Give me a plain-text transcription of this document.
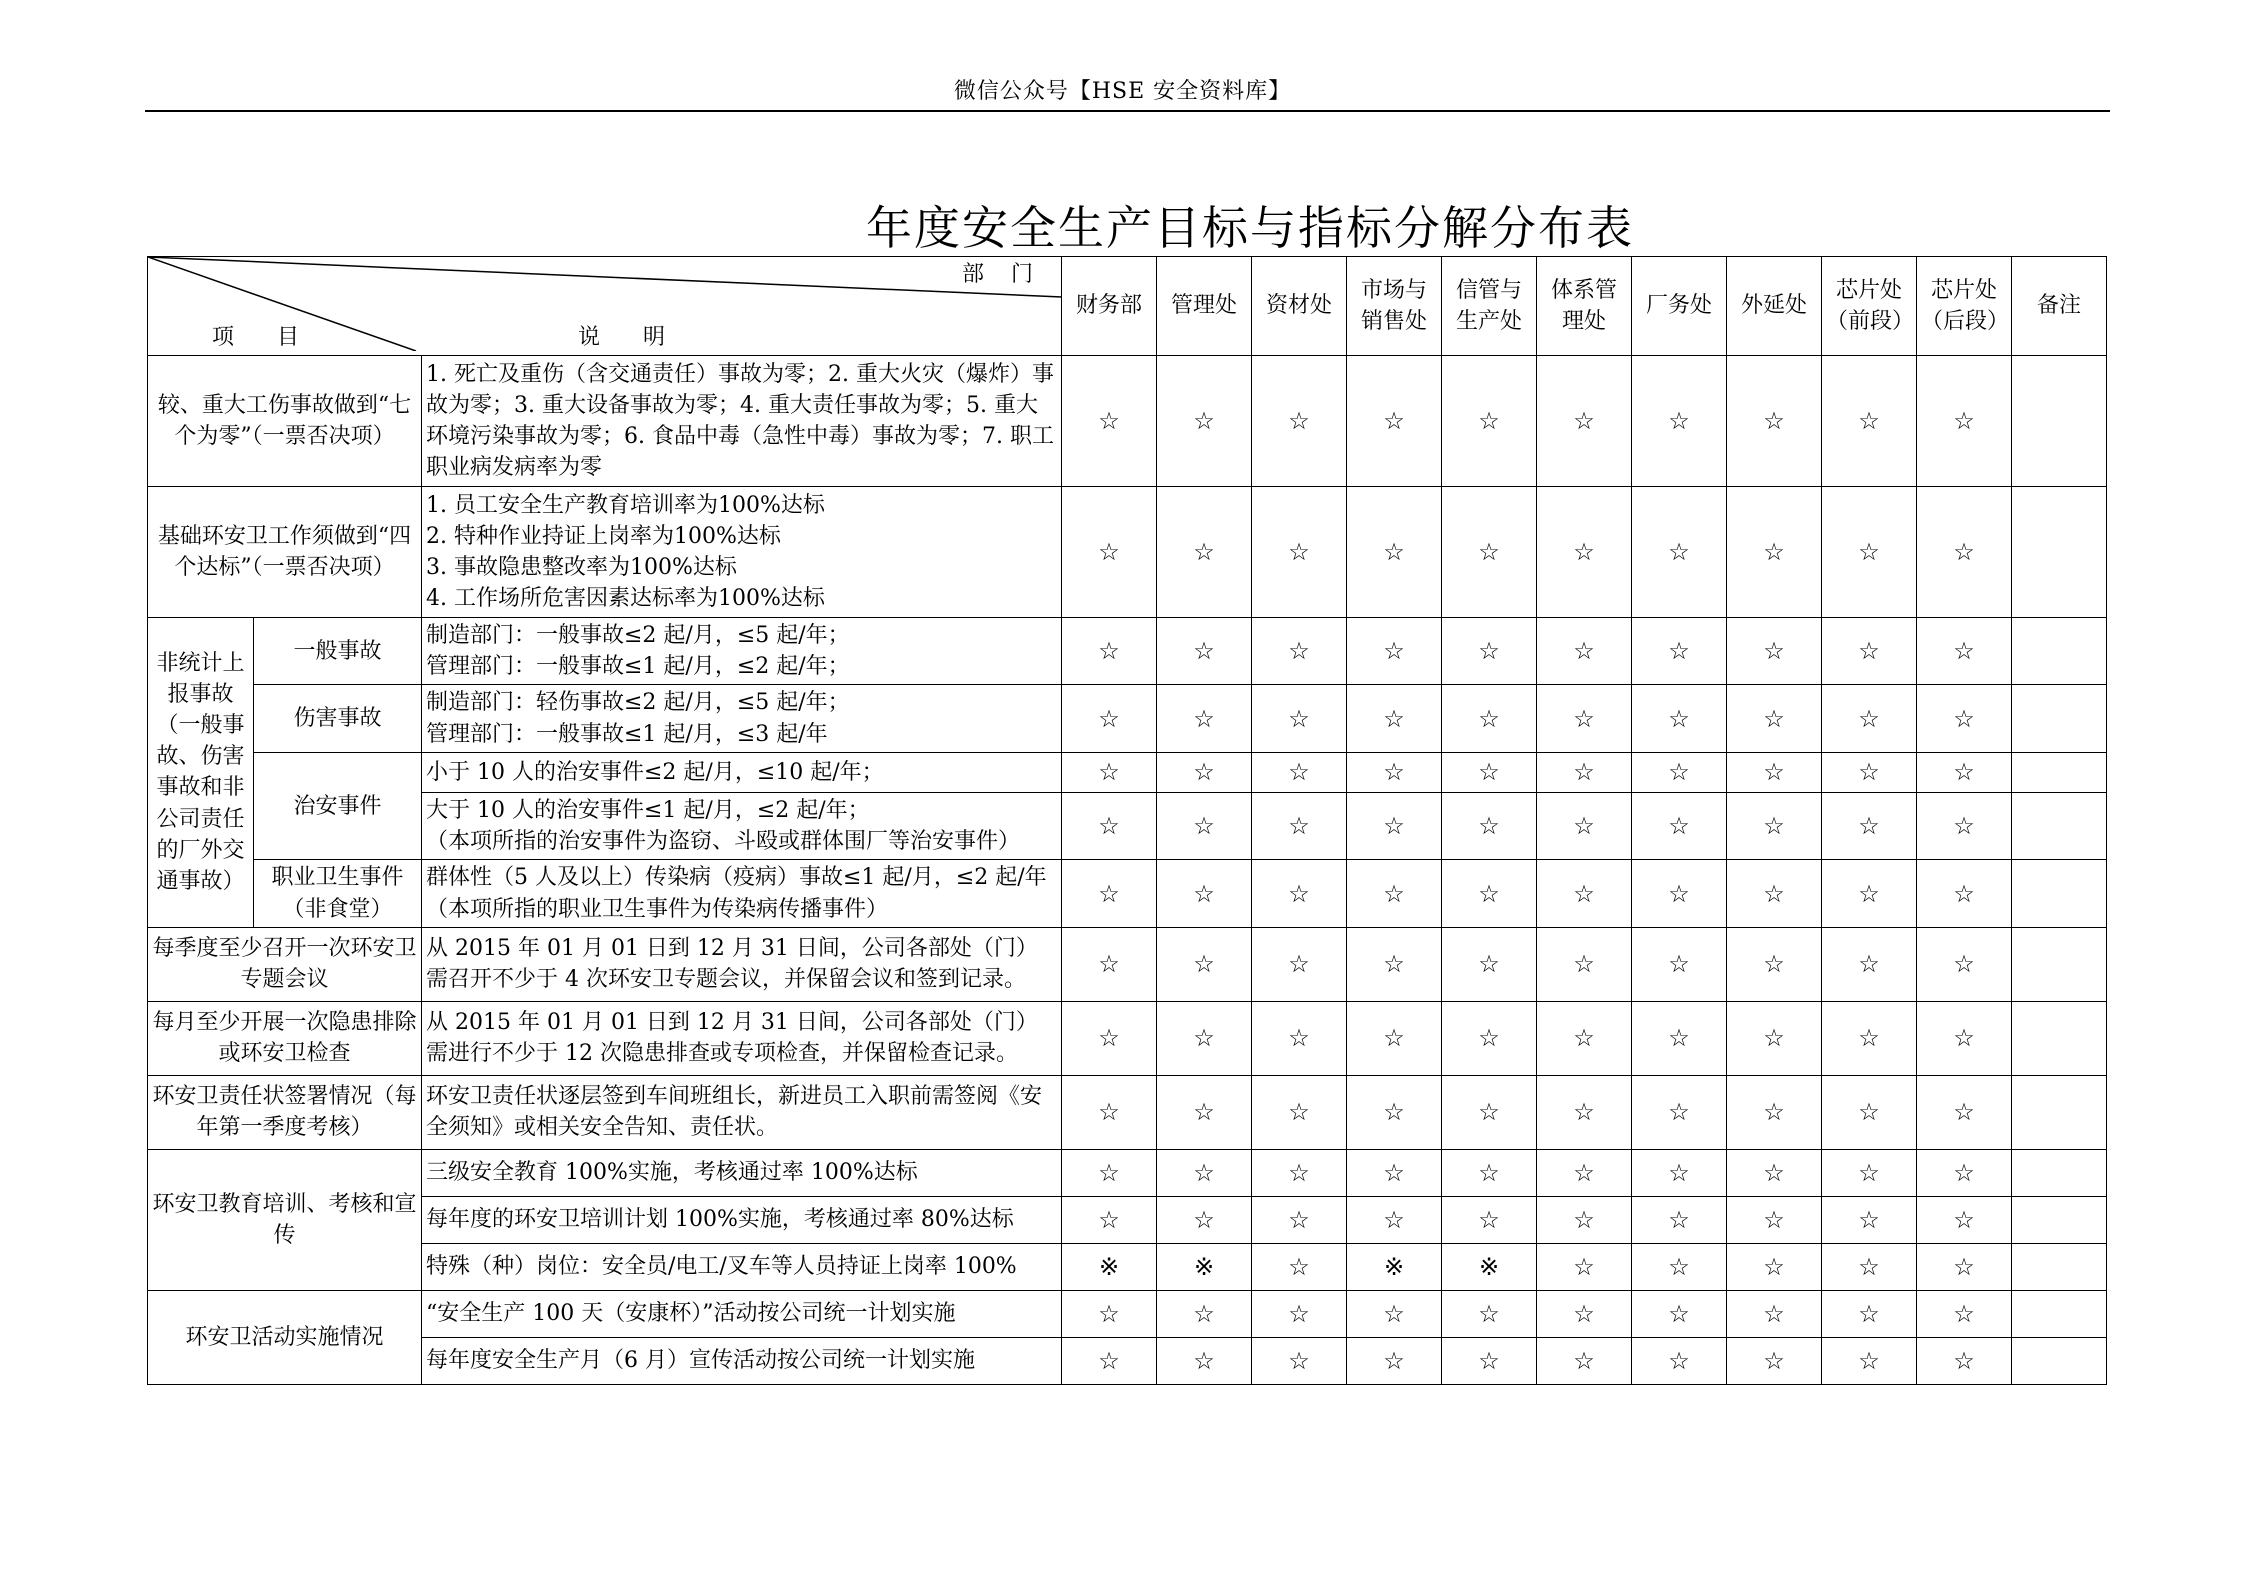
微信公众号【HSE 安全资料库】
年度安全生产目标与指标分解分布表
部 门
项 目 说 明			财务部	管理处	资材处	市场与销售处	信管与生产处	体系管理处	厂务处	外延处	芯片处（前段）	芯片处（后段）	备注
较、重大工伤事故做到“七个为零”（一票否决项）		1. 死亡及重伤（含交通责任）事故为零；2. 重大火灾（爆炸）事故为零；3. 重大设备事故为零；4. 重大责任事故为零；5. 重大环境污染事故为零；6. 食品中毒（急性中毒）事故为零；7. 职工职业病发病率为零	☆	☆	☆	☆	☆	☆	☆	☆	☆	☆	
基础环安卫工作须做到“四个达标”（一票否决项）		1. 员工安全生产教育培训率为100%达标
2. 特种作业持证上岗率为100%达标
3. 事故隐患整改率为100%达标
4. 工作场所危害因素达标率为100%达标	☆	☆	☆	☆	☆	☆	☆	☆	☆	☆	
非统计上报事故（一般事故、伤害事故和非公司责任的厂外交通事故）	一般事故	制造部门：一般事故≤2 起/月，≤5 起/年；
管理部门：一般事故≤1 起/月，≤2 起/年；	☆	☆	☆	☆	☆	☆	☆	☆	☆	☆	
	伤害事故	制造部门：轻伤事故≤2 起/月，≤5 起/年；
管理部门：一般事故≤1 起/月，≤3 起/年	☆	☆	☆	☆	☆	☆	☆	☆	☆	☆	
	治安事件	小于 10 人的治安事件≤2 起/月，≤10 起/年；	☆	☆	☆	☆	☆	☆	☆	☆	☆	☆	

		大于 10 人的治安事件≤1 起/月，≤2 起/年；
（本项所指的治安事件为盗窃、斗殴或群体围厂等治安事件）	☆	☆	☆	☆	☆	☆	☆	☆	☆	☆	
	职业卫生事件（非食堂）	群体性（5 人及以上）传染病（疫病）事故≤1 起/月，≤2 起/年（本项所指的职业卫生事件为传染病传播事件）	☆	☆	☆	☆	☆	☆	☆	☆	☆	☆	
每季度至少召开一次环安卫专题会议		从 2015 年 01 月 01 日到 12 月 31 日间，公司各部处（门）需召开不少于 4 次环安卫专题会议，并保留会议和签到记录。	☆	☆	☆	☆	☆	☆	☆	☆	☆	☆	
每月至少开展一次隐患排除或环安卫检查		从 2015 年 01 月 01 日到 12 月 31 日间，公司各部处（门）需进行不少于 12 次隐患排查或专项检查，并保留检查记录。	☆	☆	☆	☆	☆	☆	☆	☆	☆	☆	
环安卫责任状签署情况（每年第一季度考核）		环安卫责任状逐层签到车间班组长，新进员工入职前需签阅《安全须知》或相关安全告知、责任状。	☆	☆	☆	☆	☆	☆	☆	☆	☆	☆	
环安卫教育培训、考核和宣传		三级安全教育 100%实施，考核通过率 100%达标	☆	☆	☆	☆	☆	☆	☆	☆	☆	☆	
		每年度的环安卫培训计划 100%实施，考核通过率 80%达标	☆	☆	☆	☆	☆	☆	☆	☆	☆	☆	
		特殊（种）岗位：安全员/电工/叉车等人员持证上岗率 100%	※	※	☆	※	※	☆	☆	☆	☆	☆	
环安卫活动实施情况		“安全生产 100 天（安康杯）”活动按公司统一计划实施	☆	☆	☆	☆	☆	☆	☆	☆	☆	☆	
		每年度安全生产月（6 月）宣传活动按公司统一计划实施	☆	☆	☆	☆	☆	☆	☆	☆	☆	☆	
